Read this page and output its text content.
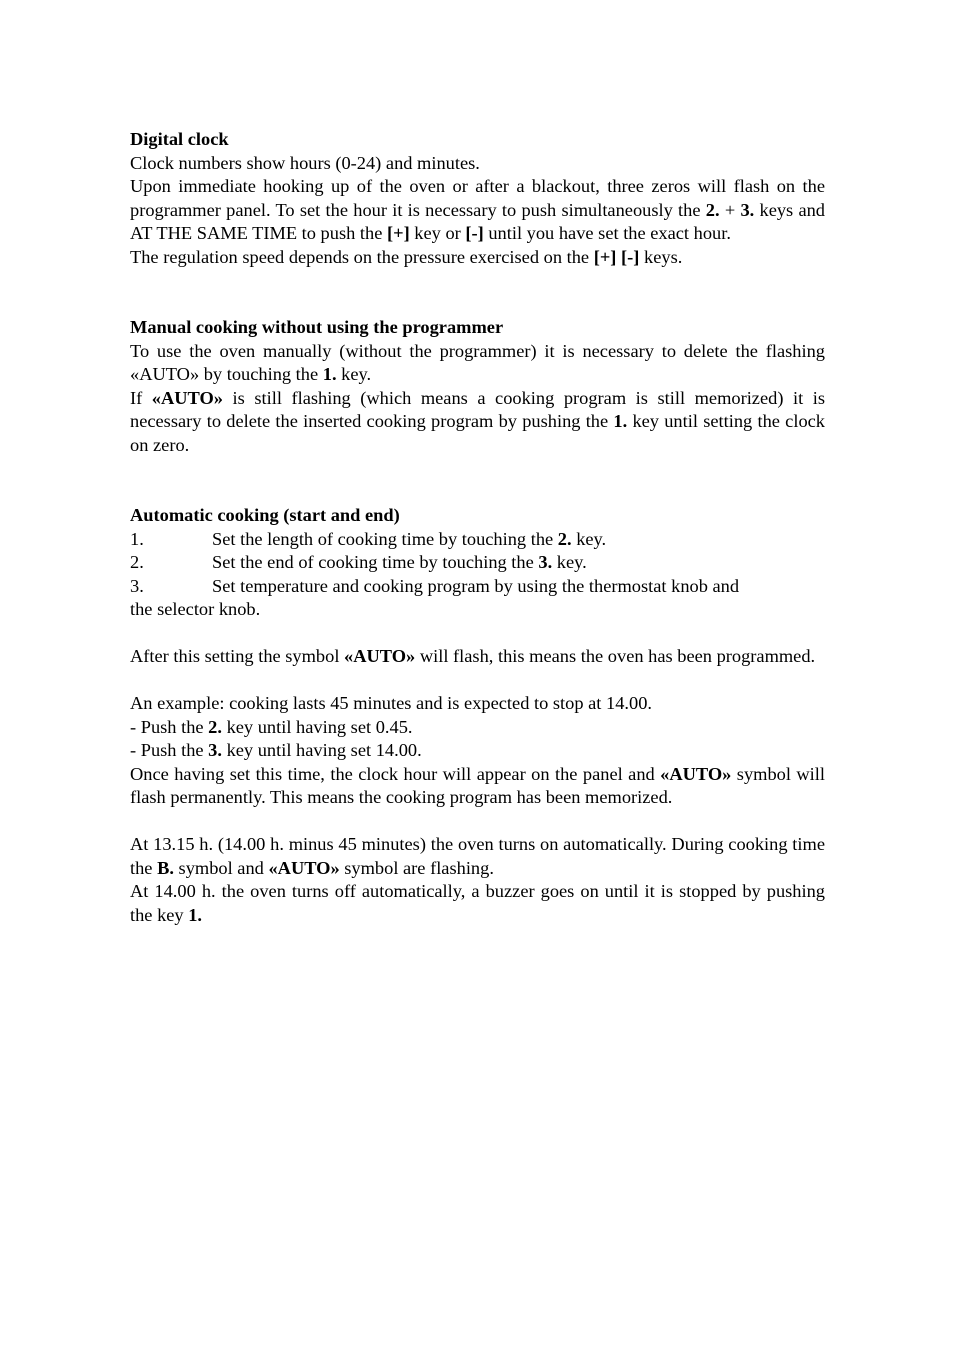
Digital clock

Clock numbers show hours (0-24) and minutes.

Upon immediate hooking up of the oven or after a blackout, three zeros will flash on the programmer panel. To set the hour it is necessary to push simultaneously the 2. + 3. keys and AT THE SAME TIME to push the [+] key or [-] until you have set the exact hour.

The regulation speed depends on the pressure exercised on the [+] [-] keys.

Manual cooking without using the programmer

To use the oven manually (without the programmer) it is necessary to delete the flashing «AUTO» by touching the 1. key.

If «AUTO» is still flashing (which means a cooking program is still memorized) it is necessary to delete the inserted cooking program by pushing the 1. key until setting the clock on zero.

Automatic cooking (start and end)

1.	Set the length of cooking time by touching the 2. key.
2.	Set the end of cooking time by touching the 3. key.
3.	Set temperature and cooking program by using the thermostat knob and

the selector knob.

After this setting the symbol «AUTO» will flash, this means the oven has been programmed.

An example: cooking lasts 45 minutes and is expected to stop at 14.00.

- Push the 2. key until having set 0.45.

- Push the 3. key until having set 14.00.

Once having set this time, the clock hour will appear on the panel and «AUTO» symbol will flash permanently. This means the cooking program has been memorized.

At 13.15 h. (14.00 h. minus 45 minutes) the oven turns on automatically. During cooking time the B. symbol and «AUTO» symbol are flashing.

At 14.00 h. the oven turns off automatically, a buzzer goes on until it is stopped by pushing the key 1.
